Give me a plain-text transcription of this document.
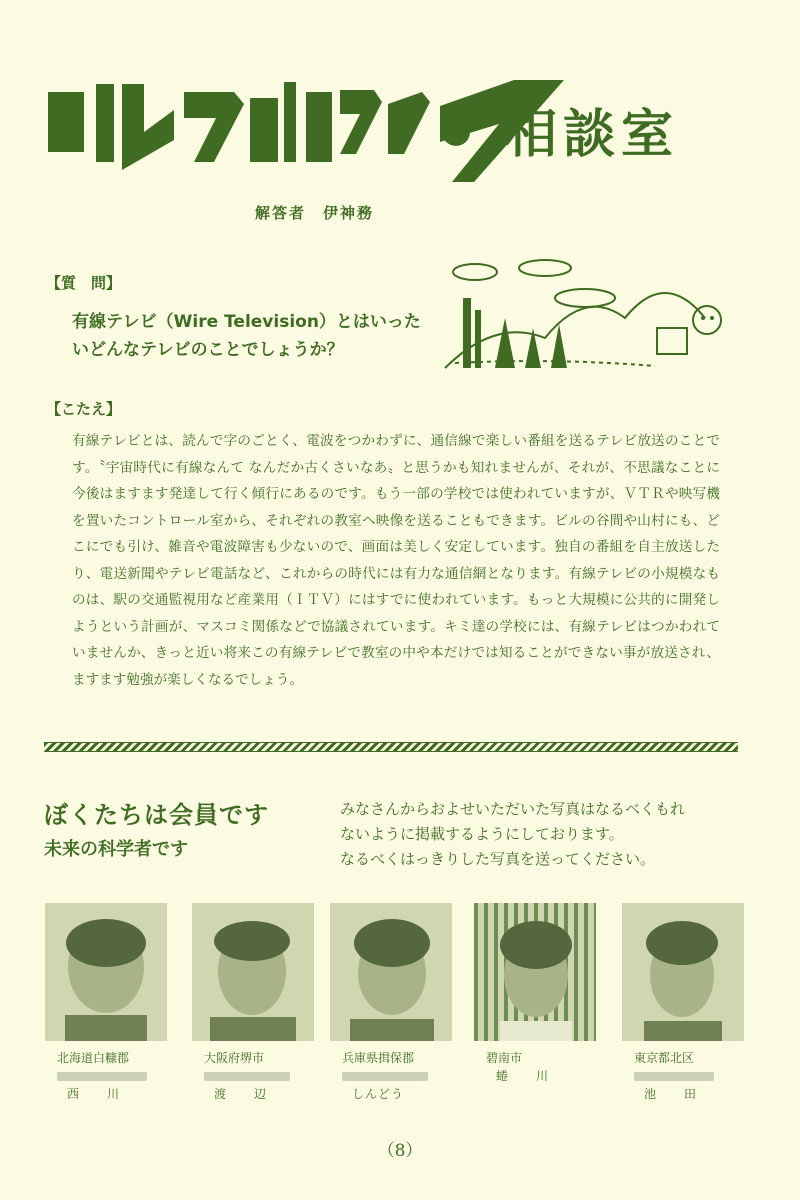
相談室
解答者　伊神務
【質　問】
有線テレビ（Wire Television）とはいったいどんなテレビのことでしょうか？
【こたえ】
有線テレビとは、読んで字のごとく、電波をつかわずに、通信線で楽しい番組を送るテレビ放送のことです。〝宇宙時代に有線なんて なんだか古くさいなあ〟と思うかも知れませんが、それが、不思議なことに今後はますます発達して行く傾行にあるのです。もう一部の学校では使われていますが、ＶＴＲや映写機を置いたコントロール室から、それぞれの教室へ映像を送ることもできます。ビルの谷間や山村にも、どこにでも引け、雑音や電波障害も少ないので、画面は美しく安定しています。独自の番組を自主放送したり、電送新聞やテレビ電話など、これからの時代には有力な通信網となります。有線テレビの小規模なものは、駅の交通監視用など産業用（ＩＴＶ）にはすでに使われています。もっと大規模に公共的に開発しようという計画が、マスコミ関係などで協議されています。キミ達の学校には、有線テレビはつかわれていませんか、きっと近い将来この有線テレビで教室の中や本だけでは知ることができない事が放送され、ますます勉強が楽しくなるでしょう。
ぼくたちは会員です
未来の科学者です
みなさんからおよせいただいた写真はなるべくもれ
ないように掲載するようにしております。
なるべくはっきりした写真を送ってください。
北海道白糠郡
西　川
大阪府堺市
渡　辺
兵庫県揖保郡
しんどう
碧南市
蜷　川
東京都北区
池　田
（8）
